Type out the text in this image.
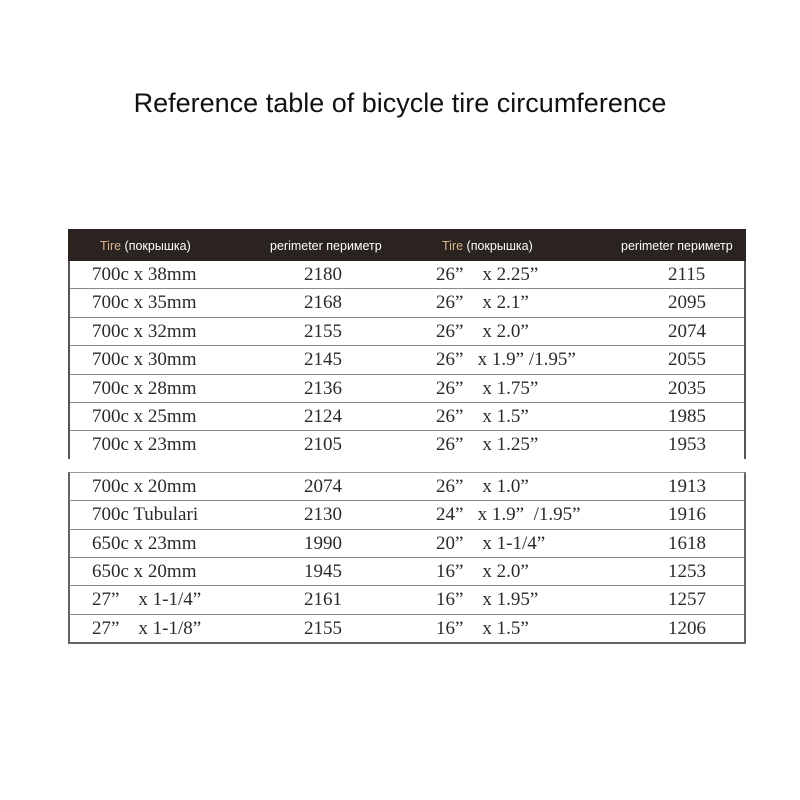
Reference table of bicycle tire circumference
Tire (покрышка)	perimeter периметр	Tire (покрышка)	perimeter периметр
700c x 38mm	2180	26”    x 2.25”	2115
700c x 35mm	2168	26”    x 2.1”	2095
700c x 32mm	2155	26”    x 2.0”	2074
700c x 30mm	2145	26”   x 1.9” /1.95”	2055
700c x 28mm	2136	26”    x 1.75”	2035
700c x 25mm	2124	26”    x 1.5”	1985
700c x 23mm	2105	26”    x 1.25”	1953
700c x 20mm	2074	26”    x 1.0”	1913
700c Tubulari	2130	24”   x 1.9”  /1.95”	1916
650c x 23mm	1990	20”    x 1-1/4”	1618
650c x 20mm	1945	16”    x 2.0”	1253
27”    x 1-1/4”	2161	16”    x 1.95”	1257
27”    x 1-1/8”	2155	16”    x 1.5”	1206
